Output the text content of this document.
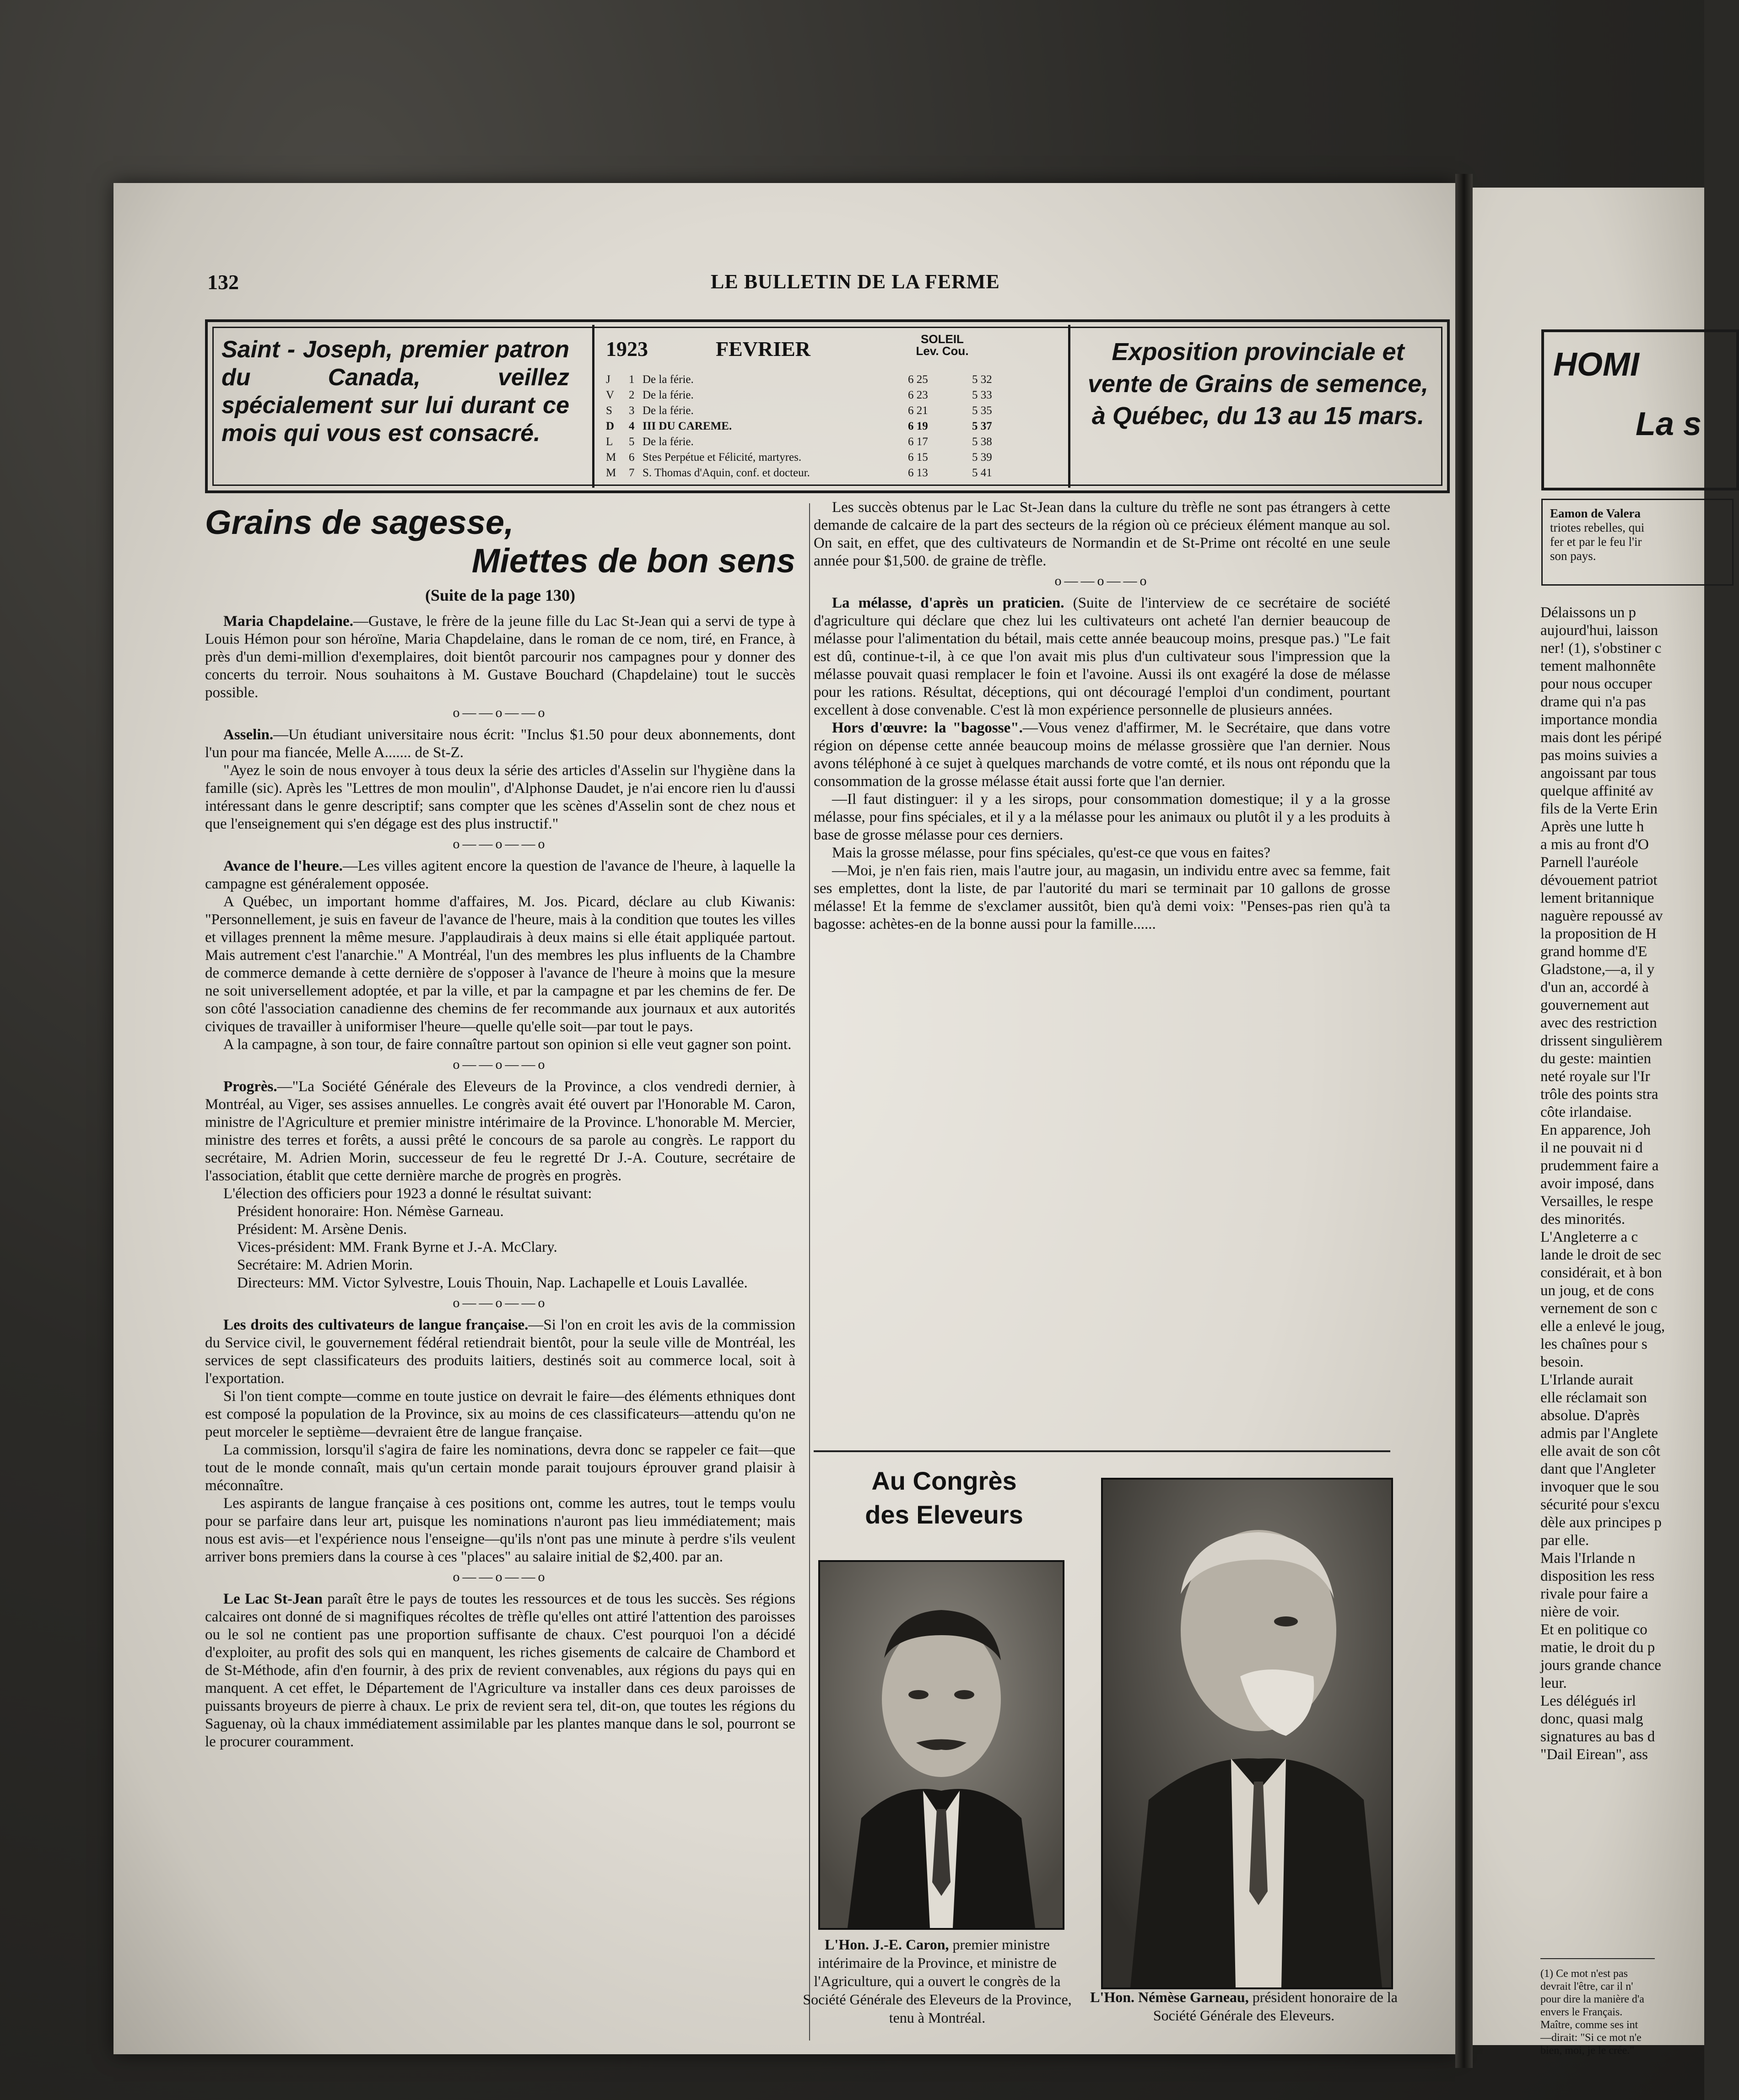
132	LE BULLETIN DE LA FERME
Saint - Joseph, premier patron du Canada, veillez spécialement sur lui durant ce mois qui vous est consacré.
1923	FEVRIER	SOLEIL
Lev. Cou.
J 1 De la férie.	6 25	5 32
V 2 De la férie.	6 23	5 33
S 3 De la férie.	6 21	5 35
D 4 III DU CAREME.	6 19	5 37
L 5 De la férie.	6 17	5 38
M 6 Stes Perpétue et Félicité, martyres.	6 15	5 39
M 7 S. Thomas d'Aquin, conf. et docteur.	6 13	5 41
Exposition provinciale et vente de Grains de semence, à Québec, du 13 au 15 mars.
Grains de sagesse,
Miettes de bon sens
(Suite de la page 130)

Maria Chapdelaine.—Gustave, le frère de la jeune fille du Lac St-Jean qui a servi de type à Louis Hémon pour son héroïne, Maria Chapdelaine, dans le roman de ce nom, tiré, en France, à près d'un demi-million d'exemplaires, doit bientôt parcourir nos campagnes pour y donner des concerts du terroir. Nous souhaitons à M. Gustave Bouchard (Chapdelaine) tout le succès possible.

o——o——o

Asselin.—Un étudiant universitaire nous écrit: "Inclus $1.50 pour deux abonnements, dont l'un pour ma fiancée, Melle A....... de St-Z.

"Ayez le soin de nous envoyer à tous deux la série des articles d'Asselin sur l'hygiène dans la famille (sic). Après les "Lettres de mon moulin", d'Alphonse Daudet, je n'ai encore rien lu d'aussi intéressant dans le genre descriptif; sans compter que les scènes d'Asselin sont de chez nous et que l'enseignement qui s'en dégage est des plus instructif."

o——o——o

Avance de l'heure.—Les villes agitent encore la question de l'avance de l'heure, à laquelle la campagne est généralement opposée.

A Québec, un important homme d'affaires, M. Jos. Picard, déclare au club Kiwanis: "Personnellement, je suis en faveur de l'avance de l'heure, mais à la condition que toutes les villes et villages prennent la même mesure. J'applaudirais à deux mains si elle était appliquée partout. Mais autrement c'est l'anarchie." A Montréal, l'un des membres les plus influents de la Chambre de commerce demande à cette dernière de s'opposer à l'avance de l'heure à moins que la mesure ne soit universellement adoptée, et par la ville, et par la campagne et par les chemins de fer. De son côté l'association canadienne des chemins de fer recommande aux journaux et aux autorités civiques de travailler à uniformiser l'heure—quelle qu'elle soit—par tout le pays.

A la campagne, à son tour, de faire connaître partout son opinion si elle veut gagner son point.

o——o——o

Progrès.—"La Société Générale des Eleveurs de la Province, a clos vendredi dernier, à Montréal, au Viger, ses assises annuelles. Le congrès avait été ouvert par l'Honorable M. Caron, ministre de l'Agriculture et premier ministre intérimaire de la Province. L'honorable M. Mercier, ministre des terres et forêts, a aussi prêté le concours de sa parole au congrès. Le rapport du secrétaire, M. Adrien Morin, successeur de feu le regretté Dr J.-A. Couture, secrétaire de l'association, établit que cette dernière marche de progrès en progrès.

L'élection des officiers pour 1923 a donné le résultat suivant:

Président honoraire: Hon. Némèse Garneau.

Président: M. Arsène Denis.

Vices-président: MM. Frank Byrne et J.-A. McClary.

Secrétaire: M. Adrien Morin.

Directeurs: MM. Victor Sylvestre, Louis Thouin, Nap. Lachapelle et Louis Lavallée.

o——o——o

Les droits des cultivateurs de langue française.—Si l'on en croit les avis de la commission du Service civil, le gouvernement fédéral retiendrait bientôt, pour la seule ville de Montréal, les services de sept classificateurs des produits laitiers, destinés soit au commerce local, soit à l'exportation.

Si l'on tient compte—comme en toute justice on devrait le faire—des éléments ethniques dont est composé la population de la Province, six au moins de ces classificateurs—attendu qu'on ne peut morceler le septième—devraient être de langue française.

La commission, lorsqu'il s'agira de faire les nominations, devra donc se rappeler ce fait—que tout de le monde connaît, mais qu'un certain monde parait toujours éprouver grand plaisir à méconnaître.

Les aspirants de langue française à ces positions ont, comme les autres, tout le temps voulu pour se parfaire dans leur art, puisque les nominations n'auront pas lieu immédiatement; mais nous est avis—et l'expérience nous l'enseigne—qu'ils n'ont pas une minute à perdre s'ils veulent arriver bons premiers dans la course à ces "places" au salaire initial de $2,400. par an.

o——o——o

Le Lac St-Jean paraît être le pays de toutes les ressources et de tous les succès. Ses régions calcaires ont donné de si magnifiques récoltes de trèfle qu'elles ont attiré l'attention des paroisses ou le sol ne contient pas une proportion suffisante de chaux. C'est pourquoi l'on a décidé d'exploiter, au profit des sols qui en manquent, les riches gisements de calcaire de Chambord et de St-Méthode, afin d'en fournir, à des prix de revient convenables, aux régions du pays qui en manquent. A cet effet, le Département de l'Agriculture va installer dans ces deux paroisses de puissants broyeurs de pierre à chaux. Le prix de revient sera tel, dit-on, que toutes les régions du Saguenay, où la chaux immédiatement assimilable par les plantes manque dans le sol, pourront se le procurer couramment.

Les succès obtenus par le Lac St-Jean dans la culture du trèfle ne sont pas étrangers à cette demande de calcaire de la part des secteurs de la région où ce précieux élément manque au sol. On sait, en effet, que des cultivateurs de Normandin et de St-Prime ont récolté en une seule année pour $1,500. de graine de trèfle.

o——o——o

La mélasse, d'après un praticien. (Suite de l'interview de ce secrétaire de société d'agriculture qui déclare que chez lui les cultivateurs ont acheté l'an dernier beaucoup de mélasse pour l'alimentation du bétail, mais cette année beaucoup moins, presque pas.) "Le fait est dû, continue-t-il, à ce que l'on avait mis plus d'un cultivateur sous l'impression que la mélasse pouvait quasi remplacer le foin et l'avoine. Aussi ils ont exagéré la dose de mélasse pour les rations. Résultat, déceptions, qui ont découragé l'emploi d'un condiment, pourtant excellent à dose convenable. C'est là mon expérience personnelle de plusieurs années.

Hors d'œuvre: la "bagosse".—Vous venez d'affirmer, M. le Secrétaire, que dans votre région on dépense cette année beaucoup moins de mélasse grossière que l'an dernier. Nous avons téléphoné à ce sujet à quelques marchands de votre comté, et ils nous ont répondu que la consommation de la grosse mélasse était aussi forte que l'an dernier.

—Il faut distinguer: il y a les sirops, pour consommation domestique; il y a la grosse mélasse, pour fins spéciales, et il y a la mélasse pour les animaux ou plutôt il y a les produits à base de grosse mélasse pour ces derniers.

Mais la grosse mélasse, pour fins spéciales, qu'est-ce que vous en faites?

—Moi, je n'en fais rien, mais l'autre jour, au magasin, un individu entre avec sa femme, fait ses emplettes, dont la liste, de par l'autorité du mari se terminait par 10 gallons de grosse mélasse! Et la femme de s'exclamer aussitôt, bien qu'à demi voix: "Penses-pas rien qu'à ta bagosse: achètes-en de la bonne aussi pour la famille......

Au Congrès
des Eleveurs
L'Hon. J.-E. Caron, premier ministre intérimaire de la Province, et ministre de l'Agriculture, qui a ouvert le congrès de la Société Générale des Eleveurs de la Province, tenu à Montréal.
L'Hon. Némèse Garneau, président honoraire de la Société Générale des Eleveurs.
HOMI
La s
Eamon de Valera
triotes rebelles, qui
fer et par le feu l'ir
son pays.
Délaissons un p
aujourd'hui, laisson
ner! (1), s'obstiner c
tement malhonnête
pour nous occuper
drame qui n'a pas
importance mondia
mais dont les péripé
pas moins suivies a
angoissant par tous
quelque affinité av
fils de la Verte Erin
Après une lutte h
a mis au front d'O
Parnell l'auréole
dévouement patriot
lement britannique
naguère repoussé av
la proposition de H
grand homme d'E
Gladstone,—a, il y
d'un an, accordé à
gouvernement aut
avec des restriction
drissent singulièrem
du geste: maintien
neté royale sur l'Ir
trôle des points stra
côte irlandaise.
En apparence, Joh
il ne pouvait ni d
prudemment faire a
avoir imposé, dans
Versailles, le respe
des minorités.
L'Angleterre a c
lande le droit de sec
considérait, et à bon
un joug, et de cons
vernement de son c
elle a enlevé le joug,
les chaînes pour s
besoin.
L'Irlande aurait
elle réclamait son
absolue. D'après
admis par l'Anglete
elle avait de son côt
dant que l'Angleter
invoquer que le sou
sécurité pour s'excu
dèle aux principes p
par elle.
Mais l'Irlande n
disposition les ress
rivale pour faire a
nière de voir.
Et en politique co
matie, le droit du p
jours grande chance
leur.
Les délégués irl
donc, quasi malg
signatures au bas d
"Dail Eirean", ass
(1) Ce mot n'est pas
devrait l'être, car il n'
pour dire la manière d'a
envers le Français.
Maître, comme ses int
—dirait: "Si ce mot n'e
bien, moi, je le crée."
